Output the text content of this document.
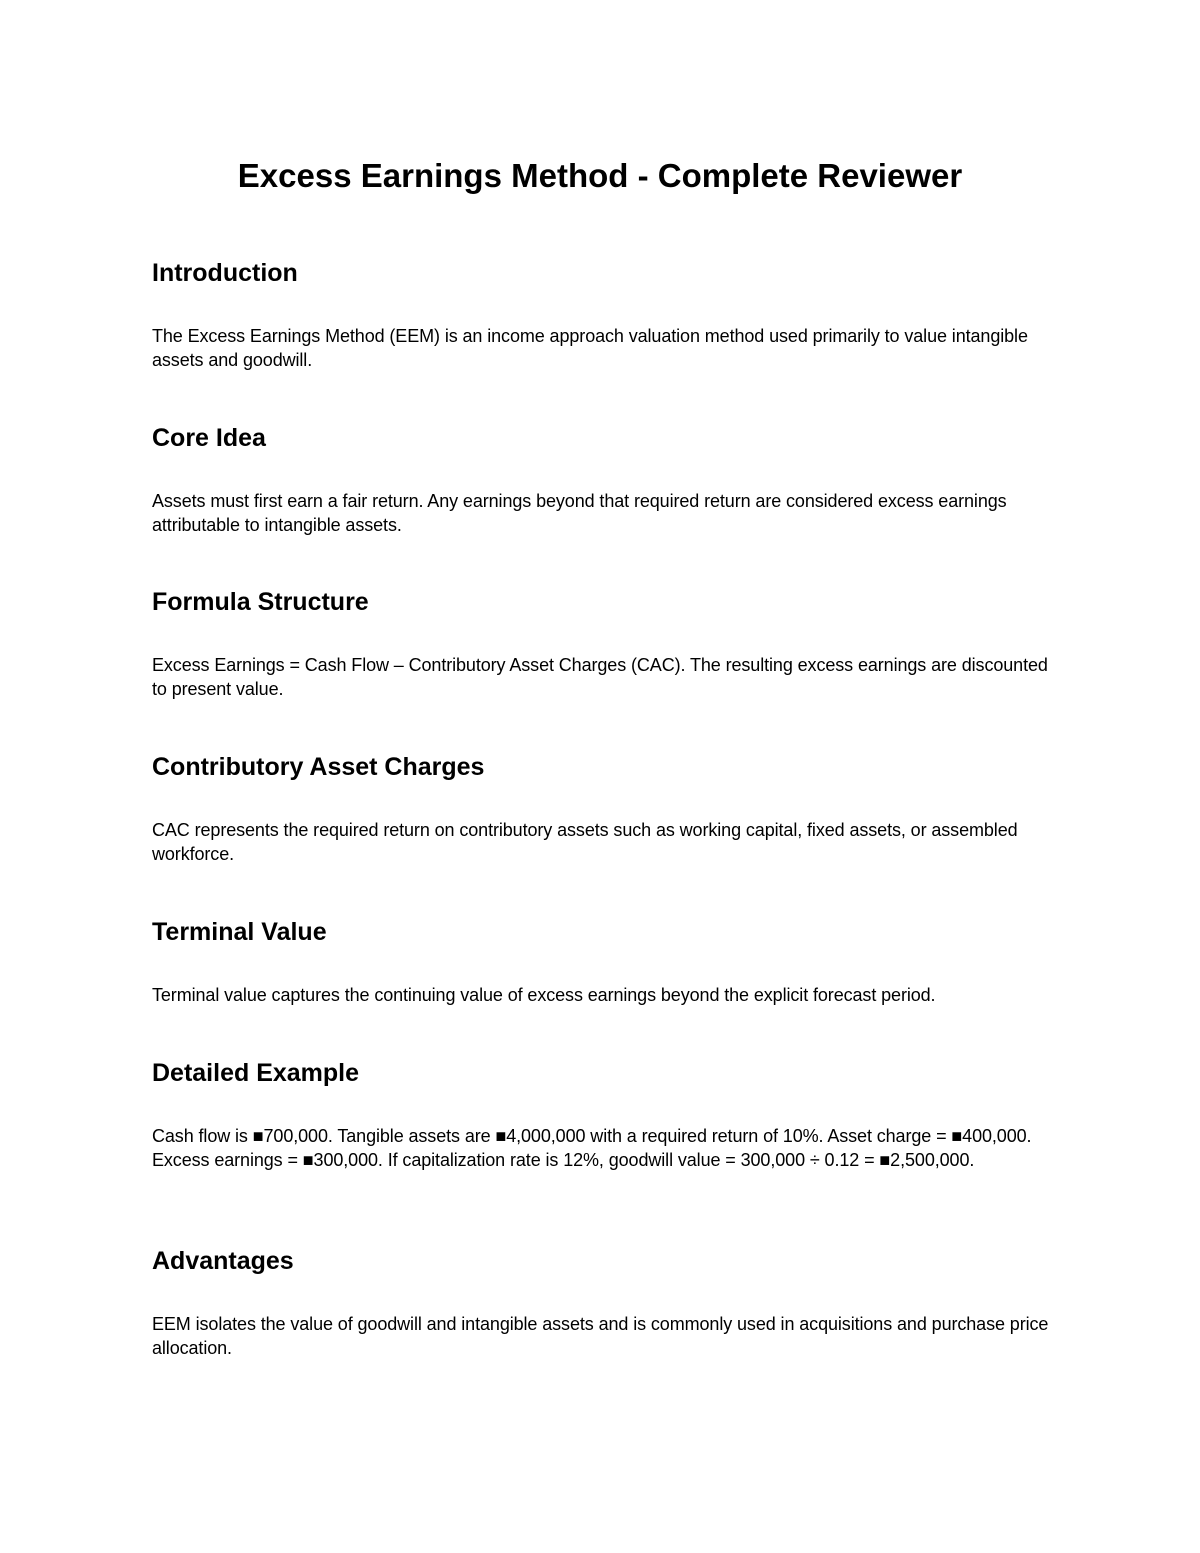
Excess Earnings Method - Complete Reviewer
Introduction

The Excess Earnings Method (EEM) is an income approach valuation method used primarily to value intangible assets and goodwill.

Core Idea

Assets must first earn a fair return. Any earnings beyond that required return are considered excess earnings attributable to intangible assets.

Formula Structure

Excess Earnings = Cash Flow – Contributory Asset Charges (CAC). The resulting excess earnings are discounted to present value.

Contributory Asset Charges

CAC represents the required return on contributory assets such as working capital, fixed assets, or assembled workforce.

Terminal Value

Terminal value captures the continuing value of excess earnings beyond the explicit forecast period.

Detailed Example

Cash flow is ■700,000. Tangible assets are ■4,000,000 with a required return of 10%. Asset charge = ■400,000. Excess earnings = ■300,000. If capitalization rate is 12%, goodwill value = 300,000 ÷ 0.12 = ■2,500,000.

Advantages

EEM isolates the value of goodwill and intangible assets and is commonly used in acquisitions and purchase price allocation.
